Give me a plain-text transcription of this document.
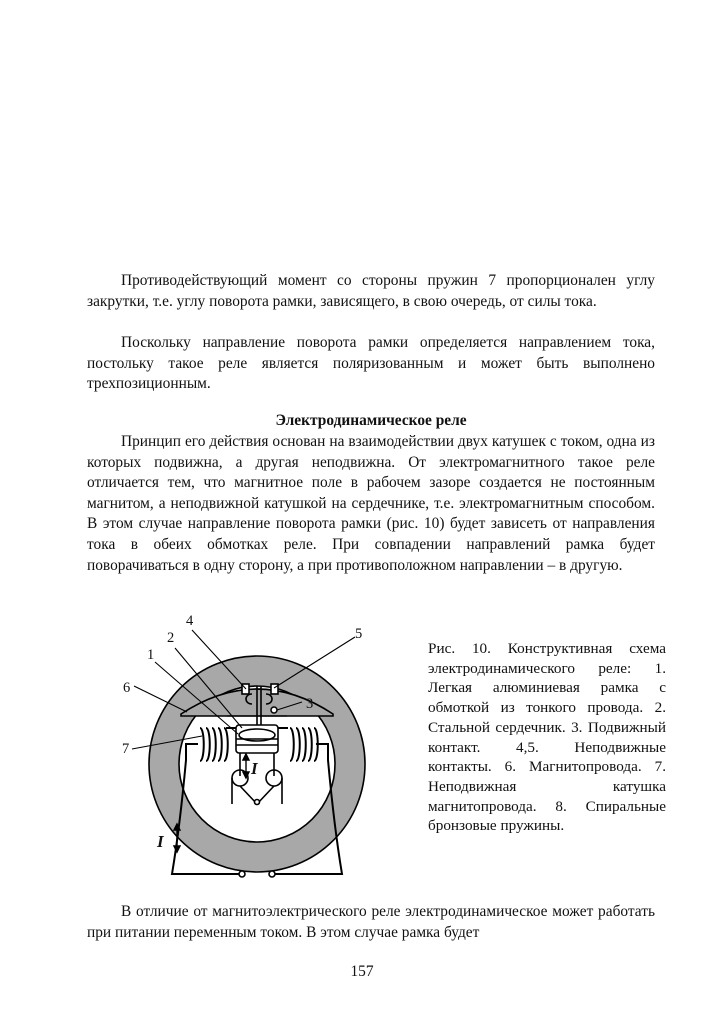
Противодействующий момент со стороны пружин 7 пропорционален углу закрутки, т.е. углу поворота рамки, зависящего, в свою очередь, от силы тока.

Поскольку направление поворота рамки определяется направлением тока, постольку такое реле является поляризованным и может быть выполнено трехпозиционным.

Электродинамическое реле

Принцип его действия основан на взаимодействии двух катушек с током, одна из которых подвижна, а другая неподвижна. От электромагнитного такое реле отличается тем, что магнитное поле в рабочем зазоре создается не постоянным магнитом, а неподвижной катушкой на сердечнике, т.е. электромагнитным способом. В этом случае направление поворота рамки (рис. 10) будет зависеть от направления тока в обеих обмотках реле. При совпадении направлений рамка будет поворачиваться в одну сторону, а при противоположном направлении – в другую.

I
I
4
2
1
5
3
6
7

Рис. 10. Конструктивная схема электродинамического реле: 1. Легкая алюминиевая рамка с обмоткой из тонкого провода. 2. Стальной сердечник. 3. Подвижный контакт. 4,5. Неподвижные контакты. 6. Магнитопровода. 7. Неподвижная катушка магнитопровода. 8. Спиральные бронзовые пружины.

В отличие от магнитоэлектрического реле электродинамическое может работать при питании переменным током. В этом случае рамка будет

157
